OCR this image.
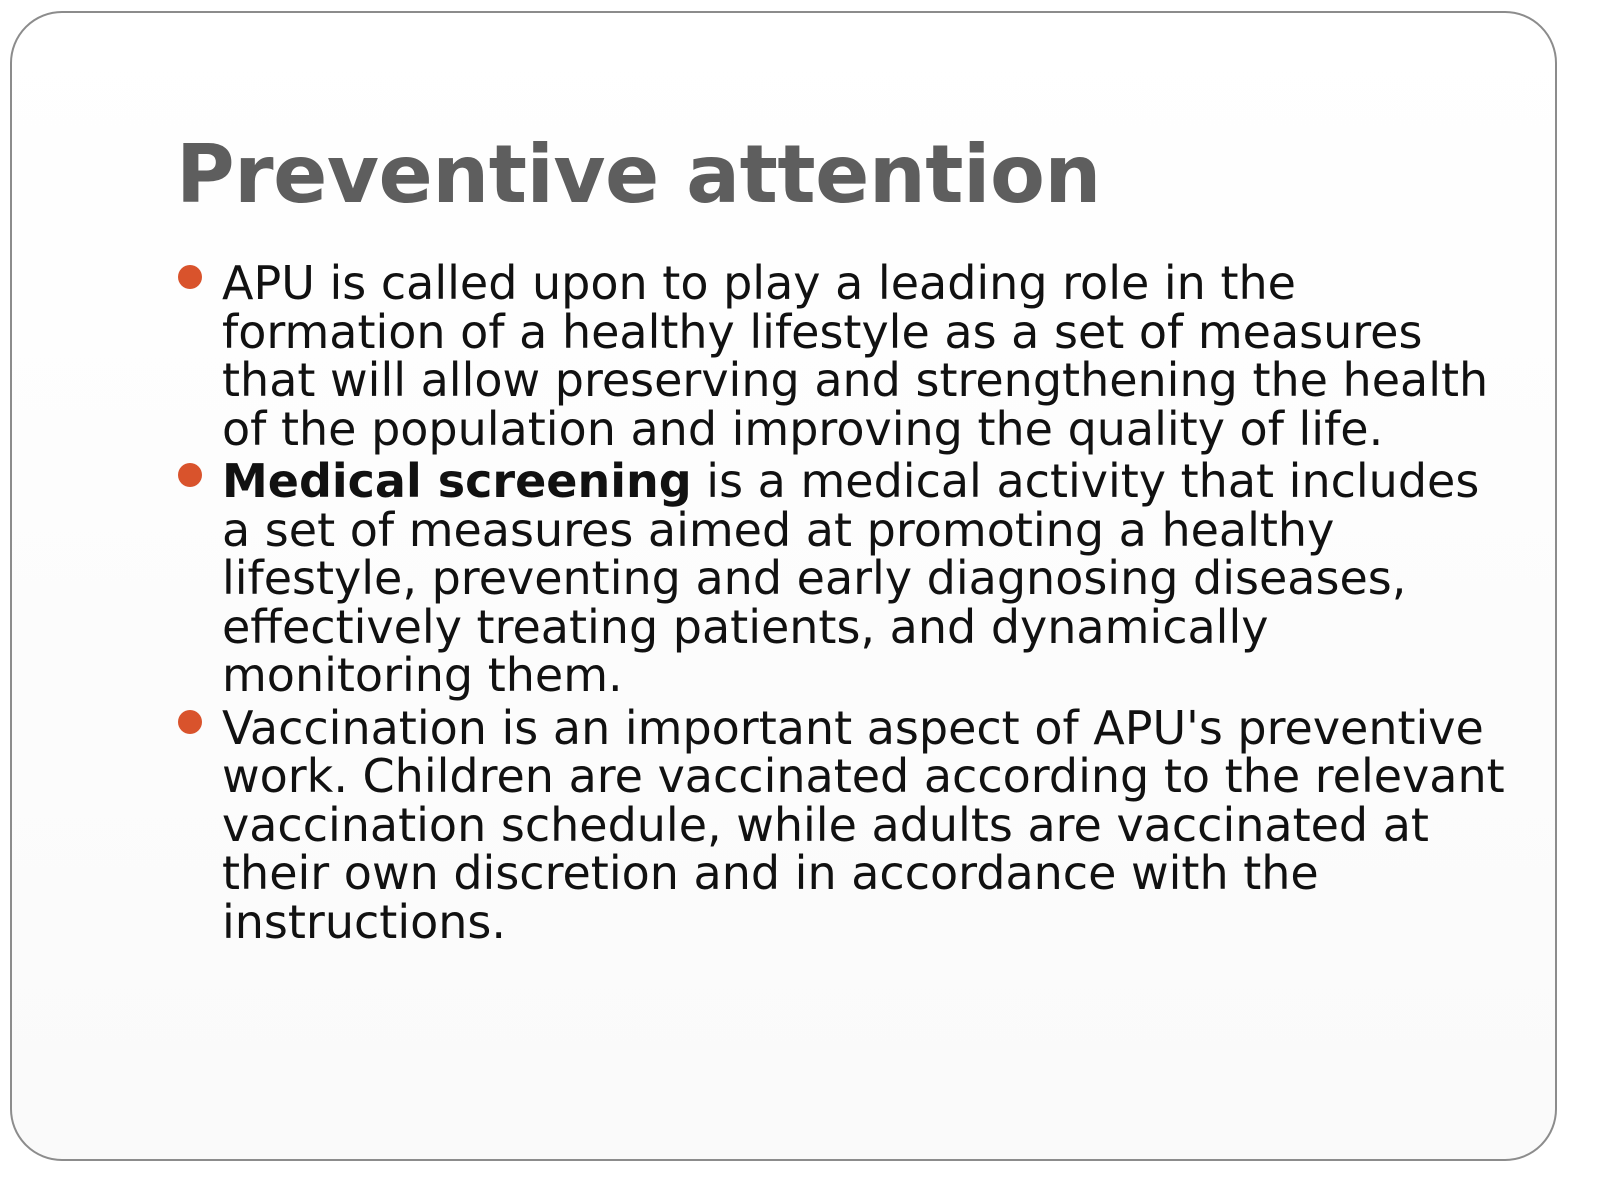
Preventive attention
APU is called upon to play a leading role in the formation of a healthy lifestyle as a set of measures that will allow preserving and strengthening the health of the population and improving the quality of life.
Medical screening is a medical activity that includes a set of measures aimed at promoting a healthy lifestyle, preventing and early diagnosing diseases, effectively treating patients, and dynamically monitoring them.
Vaccination is an important aspect of APU's preventive work. Children are vaccinated according to the relevant vaccination schedule, while adults are vaccinated at their own discretion and in accordance with the instructions.
